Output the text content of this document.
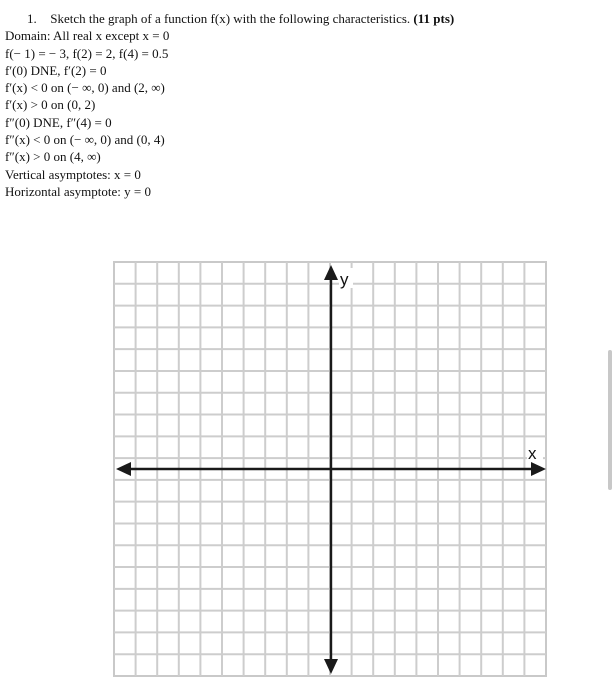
1. Sketch the graph of a function f(x) with the following characteristics. (11 pts)
Domain: All real x except x = 0
f(− 1) = − 3, f(2) = 2, f(4) = 0.5
f′(0) DNE, f′(2) = 0
f′(x) < 0 on (− ∞, 0) and (2, ∞)
f′(x) > 0 on (0, 2)
f″(0) DNE, f″(4) = 0
f″(x) < 0 on (− ∞, 0) and (0, 4)
f″(x) > 0 on (4, ∞)
Vertical asymptotes: x = 0
Horizontal asymptote: y = 0
x
y
